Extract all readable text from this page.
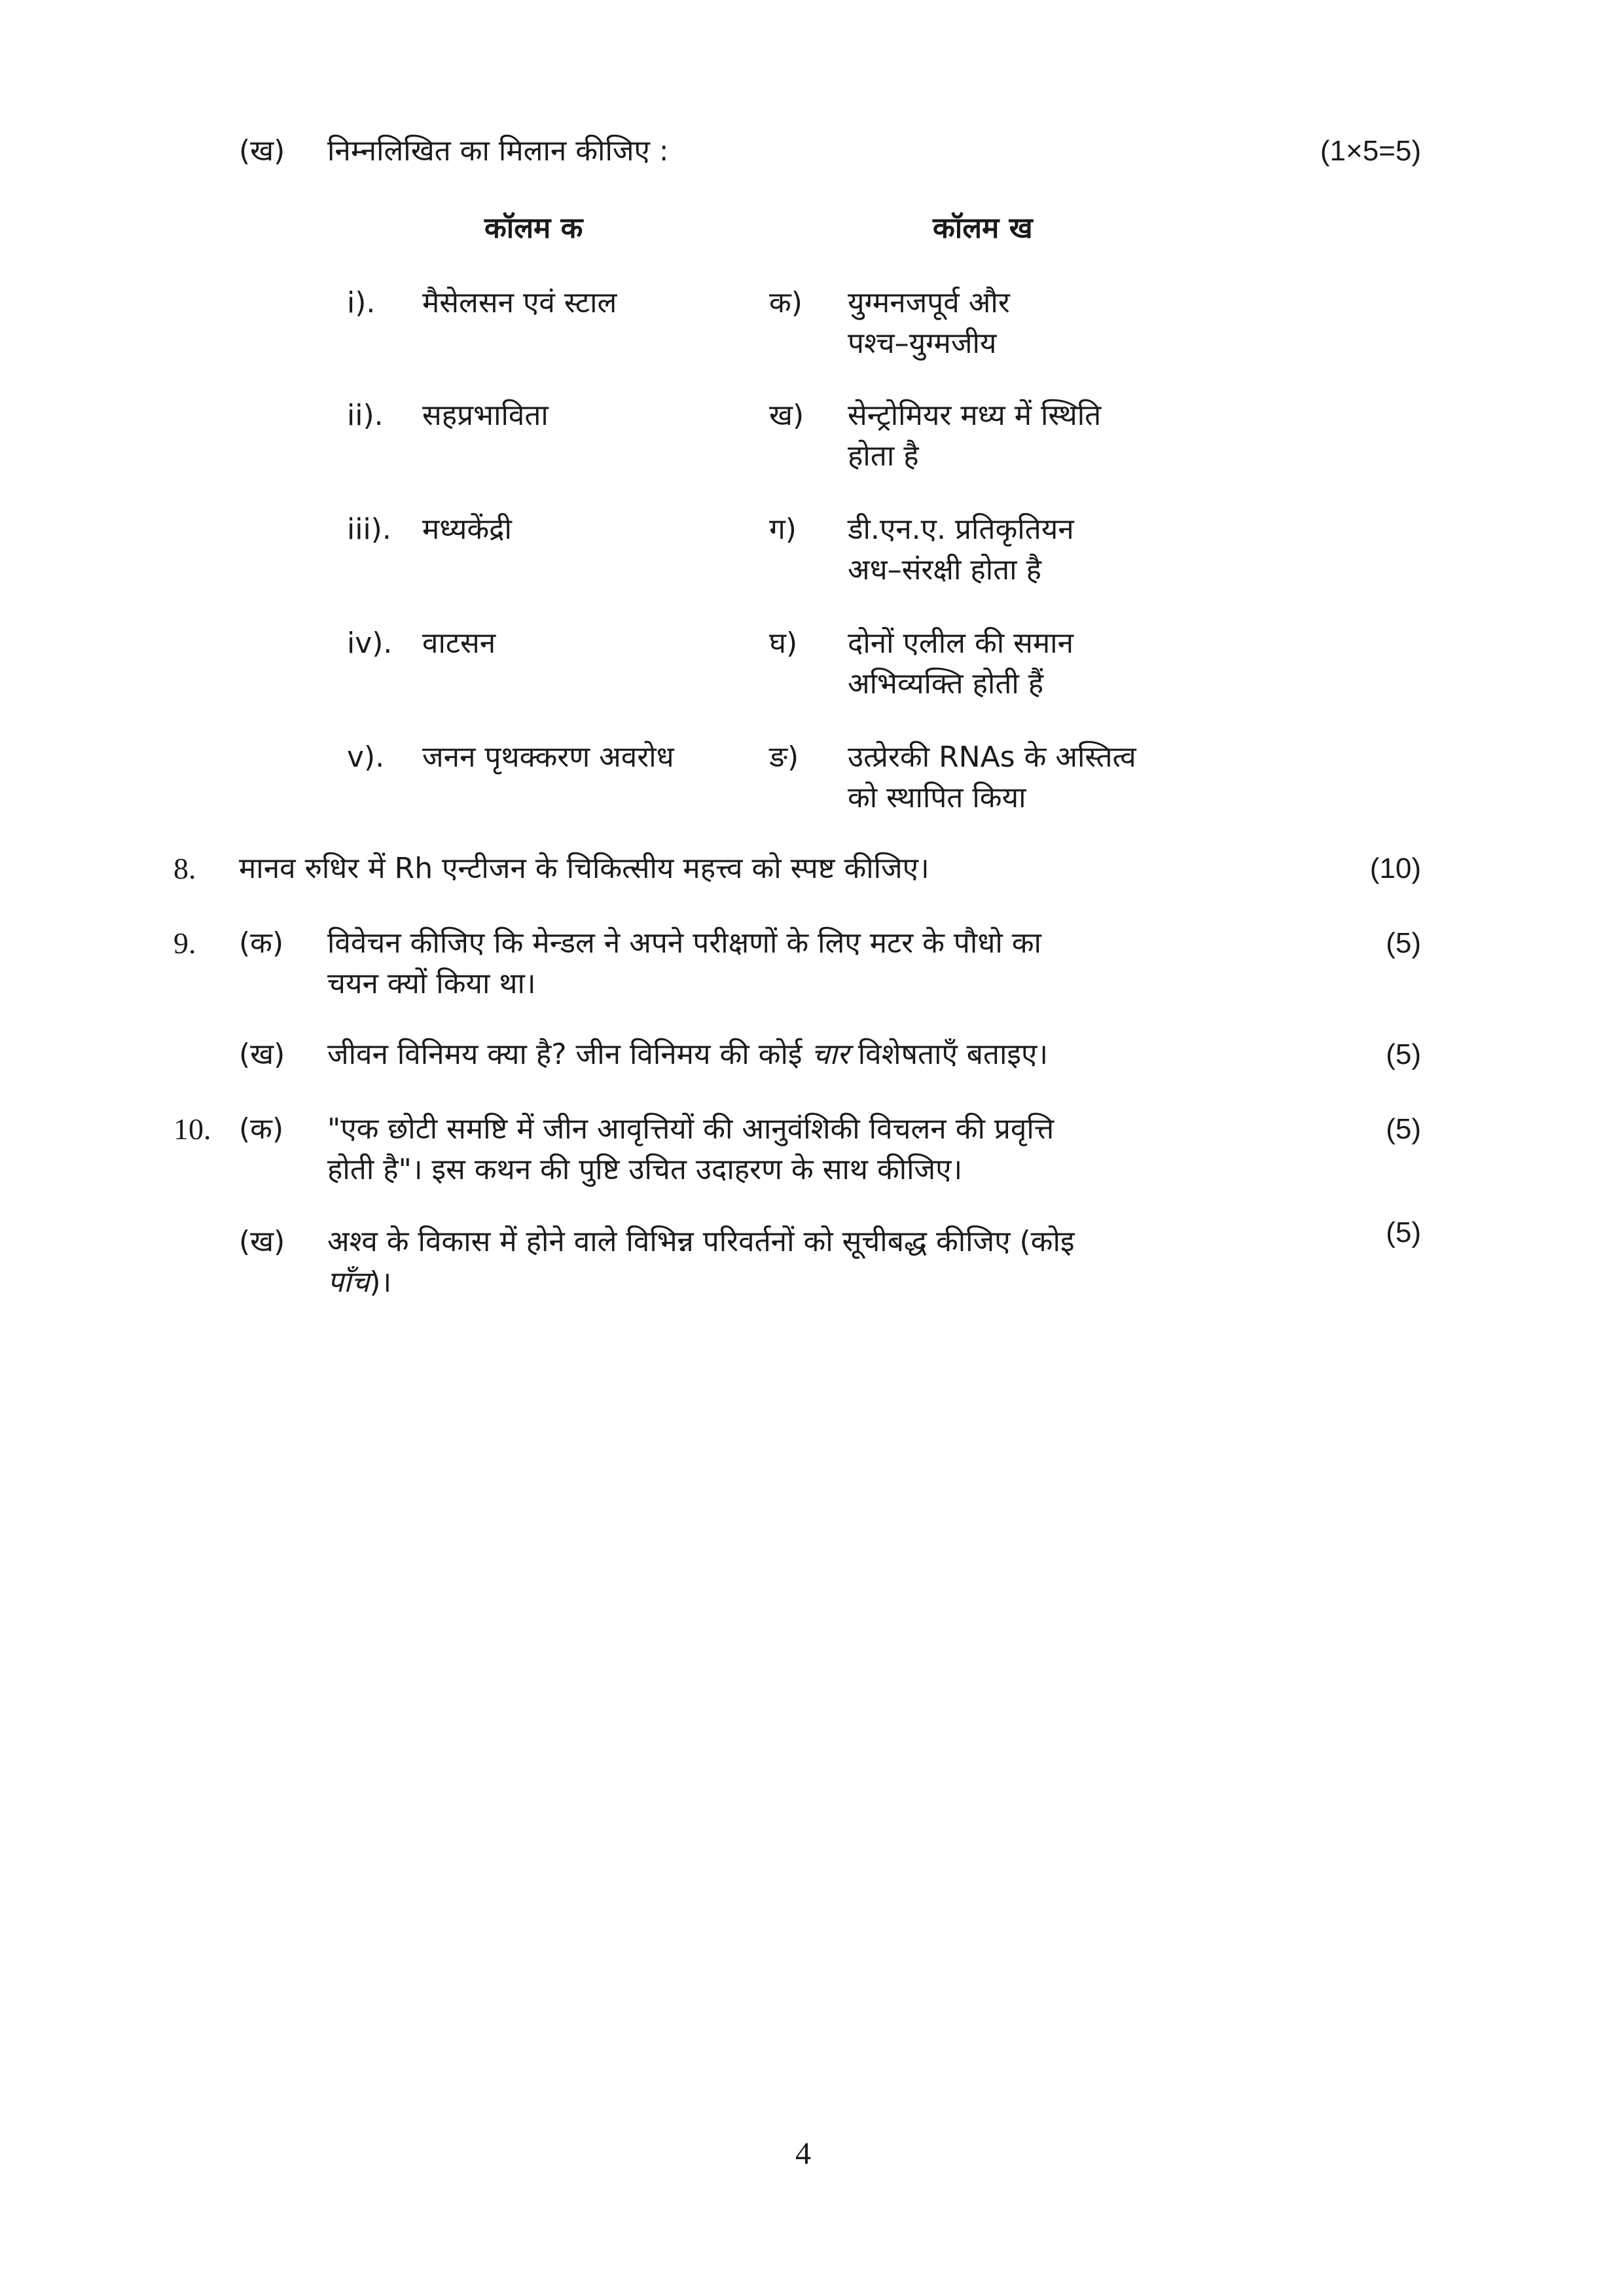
(ख) निम्नलिखित का मिलान कीजिए :	(1×5=5)
कॉलम क	कॉलम ख
i). मैसेलसन एवं स्टाल	क) युग्मनजपूर्व और
पश्च–युग्मजीय
ii). सहप्रभाविता	ख) सेन्ट्रोमियर मध्य में स्थिति
होता है
iii). मध्यकेंद्री	ग) डी.एन.ए. प्रतिकृतियन
अध–संरक्षी होता है
iv). वाटसन	घ) दोनों एलील की समान
अभिव्यक्ति होती हैं
v). जनन पृथक्करण अवरोध	ङ) उत्प्रेरकी RNAs के अस्तित्व
को स्थापित किया
8. मानव रुधिर में Rh एन्टीजन के चिकित्सीय महत्त्व को स्पष्ट कीजिए।	(10)
9. (क) विवेचन कीजिए कि मेन्डल ने अपने परीक्षणों के लिए मटर के पौधो का
चयन क्यों किया था।
(5)
(ख) जीवन विनिमय क्या है? जीन विनिमय की कोई चार विशेषताएँ बताइए।	(5)
10. (क) "एक छोटी समष्टि में जीन आवृत्तियों की आनुवंशिकी विचलन की प्रवृत्ति
होती है"। इस कथन की पुष्टि उचित उदाहरण के साथ कीजिए।
(5)
(ख) अश्व के विकास में होने वाले विभिन्न परिवर्तनों को सूचीबद्ध कीजिए (कोइ
पाँच)।
(5)
4
